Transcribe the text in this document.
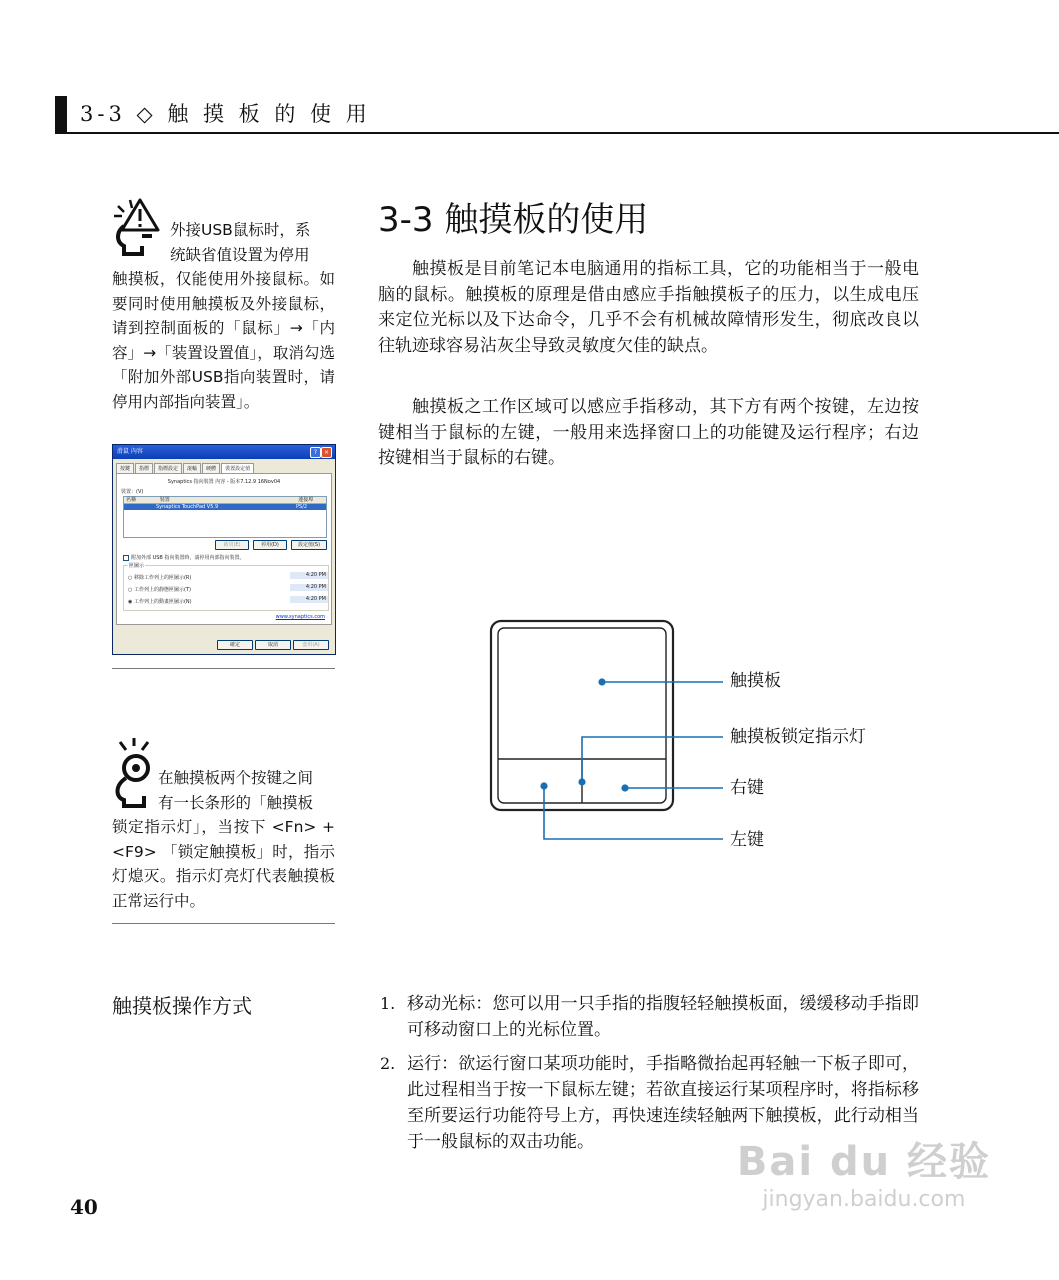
3-3 ◇ 触 摸 板 的 使 用
外接USB鼠标时，系
统缺省值设置为停用
触摸板，仅能使用外接鼠标。如要同时使用触摸板及外接鼠标，请到控制面板的「鼠标」→「内容」→「装置设置值」，取消勾选「附加外部USB指向装置时，请停用内部指向装置」。
滑鼠 內容	?	×
按鍵	指標	指標設定	滾輪	硬體	裝置設定值
Synaptics 指向裝置 內容 - 版本7.12.9 16Nov04
裝置：(V)
名稱	裝置	連接埠
Synaptics TouchPad V5.9	PS/2
啟用(E)	停用(D)	設定值(S)
附加外部 USB 指向裝置時，請停用內部指向裝置。
匣圖示
○ 移除工作列上的匣圖示(R)
○ 工作列上的靜態匣圖示(T)
◉ 工作列上的動畫匣圖示(N)
4:20 PM
4:20 PM
4:20 PM
www.synaptics.com
確定	取消	套用(A)
在触摸板两个按键之间
有一长条形的「触摸板
锁定指示灯」，当按下 <Fn> + <F9> 「锁定触摸板」时，指示灯熄灭。指示灯亮灯代表触摸板正常运行中。
3-3 触摸板的使用
触摸板是目前笔记本电脑通用的指标工具，它的功能相当于一般电脑的鼠标。触摸板的原理是借由感应手指触摸板子的压力，以生成电压来定位光标以及下达命令，几乎不会有机械故障情形发生，彻底改良以往轨迹球容易沾灰尘导致灵敏度欠佳的缺点。
触摸板之工作区域可以感应手指移动，其下方有两个按键，左边按键相当于鼠标的左键，一般用来选择窗口上的功能键及运行程序；右边按键相当于鼠标的右键。
触摸板
触摸板锁定指示灯
右键
左键
触摸板操作方式	1. 移动光标：您可以用一只手指的指腹轻轻触摸板面，缓缓移动手指即可移动窗口上的光标位置。
2. 运行：欲运行窗口某项功能时，手指略微抬起再轻触一下板子即可，此过程相当于按一下鼠标左键；若欲直接运行某项程序时，将指标移至所要运行功能符号上方，再快速连续轻触两下触摸板，此行动相当于一般鼠标的双击功能。
40
Bai du 经验
jingyan.baidu.com
